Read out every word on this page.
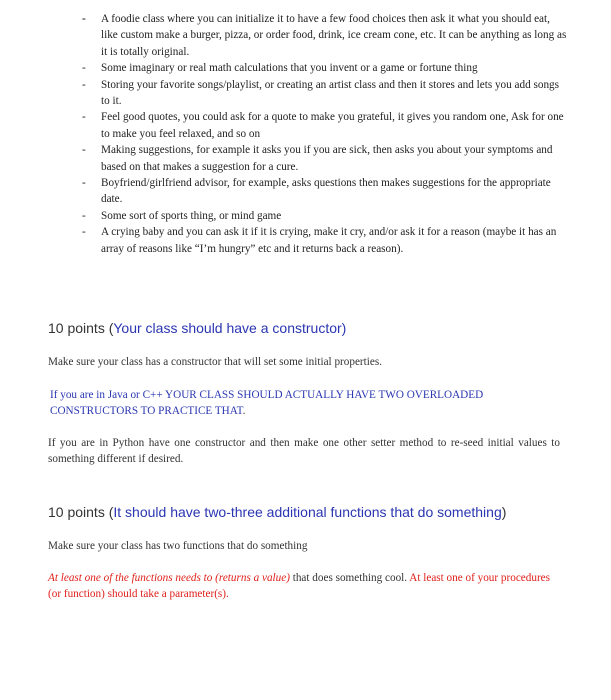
- A foodie class where you can initialize it to have a few food choices then ask it what you should eat, like custom make a burger, pizza, or order food, drink, ice cream cone, etc. It can be anything as long as it is totally original.
- Some imaginary or real math calculations that you invent or a game or fortune thing
- Storing your favorite songs/playlist, or creating an artist class and then it stores and lets you add songs to it.
- Feel good quotes, you could ask for a quote to make you grateful, it gives you random one, Ask for one to make you feel relaxed, and so on
- Making suggestions, for example it asks you if you are sick, then asks you about your symptoms and based on that makes a suggestion for a cure.
- Boyfriend/girlfriend advisor, for example, asks questions then makes suggestions for the appropriate date.
- Some sort of sports thing, or mind game
- A crying baby and you can ask it if it is crying, make it cry, and/or ask it for a reason (maybe it has an array of reasons like “I’m hungry” etc and it returns back a reason).
10 points (Your class should have a constructor)

Make sure your class has a constructor that will set some initial properties.

If you are in Java or C++ YOUR CLASS SHOULD ACTUALLY HAVE TWO OVERLOADED CONSTRUCTORS TO PRACTICE THAT.

If you are in Python have one constructor and then make one other setter method to re-seed initial values to something different if desired.

10 points (It should have two-three additional functions that do something)

Make sure your class has two functions that do something

At least one of the functions needs to (returns a value) that does something cool. At least one of your procedures (or function) should take a parameter(s).
